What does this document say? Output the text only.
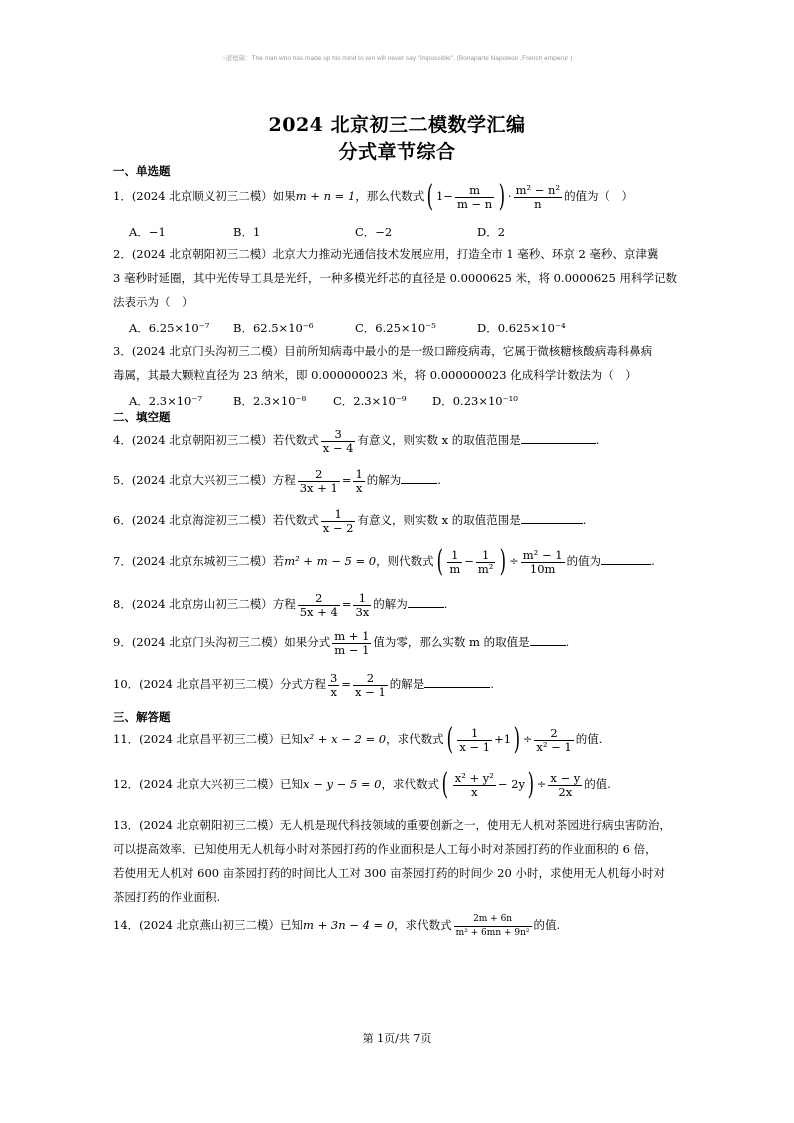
○道德箴：The man who has made up his mind to win will never say "impossible". (Bonaparte Napoleon ,French emperor )
2024 北京初三二模数学汇编
分式章节综合
一、单选题
1．(2024 北京顺义初三二模）如果m + n = 1，那么代数式( $1- \frac{m}{m - n}$ ) · $\frac{\text{m² − n²}}{n}$ 的值为（　）
A．−1	B．1	C．−2	D．2
2．(2024 北京朝阳初三二模）北京大力推动光通信技术发展应用，打造全市 1 毫秒、环京 2 毫秒、京津冀
3 毫秒时延圈，其中光传导工具是光纤，一种多模光纤芯的直径是 0.0000625 米，将 0.0000625 用科学记数
法表示为（　）
A．6.25×10⁻⁷ B．62.5×10⁻⁶	C．6.25×10⁻⁵	D．0.625×10⁻⁴
3．(2024 北京门头沟初三二模）目前所知病毒中最小的是一级口蹄疫病毒，它属于微核糖核酸病毒科鼻病
毒属，其最大颗粒直径为 23 纳米，即 0.000000023 米，将 0.000000023 化成科学计数法为（　）
A．2.3×10⁻⁷	B．2.3×10⁻⁸ C．2.3×10⁻⁹ D．0.23×10⁻¹⁰
二、填空题
4．(2024 北京朝阳初三二模）若代数式 $\frac{3}{x - 4}$ 有意义，则实数 x 的取值范围是	.
5．(2024 北京大兴初三二模）方程 $\frac{2}{3x + 1} = \frac{1}{x}$ 的解为	.
6．(2024 北京海淀初三二模）若代数式 $\frac{1}{x - 2}$ 有意义，则实数 x 的取值范围是	.
7．(2024 北京东城初三二模）若m² + m − 5 = 0，则代数式( $\frac{1}{m} - \frac{1}{\text{m²}}$ ) ÷ $\frac{\text{m² − 1}}{10m}$ 的值为	.
8．(2024 北京房山初三二模）方程 $\frac{2}{5x + 4} = \frac{1}{3x}$ 的解为	.
9．(2024 北京门头沟初三二模）如果分式 $\frac{m + 1}{m - 1}$ 值为零，那么实数 m 的取值是	.
10．(2024 北京昌平初三二模）分式方程 $\frac{3}{x} = \frac{2}{x - 1}$ 的解是	.
三、解答题
11．(2024 北京昌平初三二模）已知x² + x − 2 = 0，求代数式( $\frac{1}{x - 1} +1) \div \frac{2}{\text{x² − 1}}$ 的值.
12．(2024 北京大兴初三二模）已知x − y − 5 = 0，求代数式( $\frac{\text{x² + y²}}{x} - 2y) \div \frac{x - y}{2x}$ 的值.
13．(2024 北京朝阳初三二模）无人机是现代科技领域的重要创新之一，使用无人机对茶园进行病虫害防治，
可以提高效率．已知使用无人机每小时对茶园打药的作业面积是人工每小时对茶园打药的作业面积的 6 倍，
若使用无人机对 600 亩茶园打药的时间比人工对 300 亩茶园打药的时间少 20 小时，求使用无人机每小时对
茶园打药的作业面积.
14．(2024 北京燕山初三二模）已知m + 3n − 4 = 0，求代数式 $\frac{2m + 6n}{\text{m² + 6mn + 9n²}}$ 的值.
第 1页/共 7页
